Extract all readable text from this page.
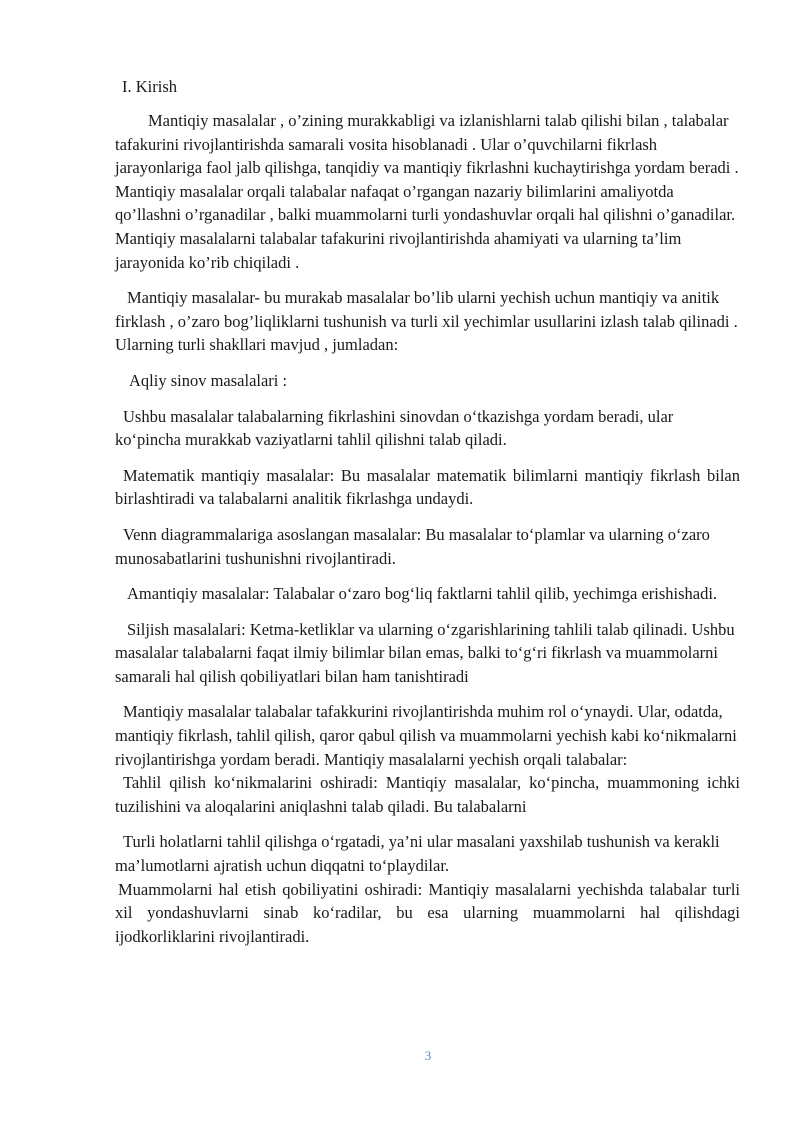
I. Kirish

Mantiqiy masalalar , o’zining murakkabligi va izlanishlarni talab qilishi bilan , talabalar tafakurini rivojlantirishda samarali vosita hisoblanadi . Ular o’quvchilarni fikrlash jarayonlariga faol jalb qilishga, tanqidiy va mantiqiy fikrlashni kuchaytirishga yordam beradi . Mantiqiy masalalar orqali talabalar nafaqat o’rgangan nazariy bilimlarini amaliyotda qo’llashni o’rganadilar , balki muammolarni turli yondashuvlar orqali hal qilishni o’ganadilar. Mantiqiy masalalarni talabalar tafakurini rivojlantirishda ahamiyati va ularning ta’lim jarayonida ko’rib chiqiladi .

Mantiqiy masalalar- bu murakab masalalar bo’lib ularni yechish uchun mantiqiy va anitik firklash , o’zaro bog’liqliklarni tushunish va turli xil yechimlar usullarini izlash talab qilinadi . Ularning turli shakllari mavjud , jumladan:

Aqliy sinov masalalari :

Ushbu masalalar talabalarning fikrlashini sinovdan o‘tkazishga yordam beradi, ular ko‘pincha murakkab vaziyatlarni tahlil qilishni talab qiladi.

Matematik mantiqiy masalalar: Bu masalalar matematik bilimlarni mantiqiy fikrlash bilan birlashtiradi va talabalarni analitik fikrlashga undaydi.

Venn diagrammalariga asoslangan masalalar: Bu masalalar to‘plamlar va ularning o‘zaro munosabatlarini tushunishni rivojlantiradi.

Amantiqiy masalalar: Talabalar o‘zaro bog‘liq faktlarni tahlil qilib, yechimga erishishadi.

Siljish masalalari: Ketma-ketliklar va ularning o‘zgarishlarining tahlili talab qilinadi. Ushbu masalalar talabalarni faqat ilmiy bilimlar bilan emas, balki to‘g‘ri fikrlash va muammolarni samarali hal qilish qobiliyatlari bilan ham tanishtiradi

Mantiqiy masalalar talabalar tafakkurini rivojlantirishda muhim rol o‘ynaydi. Ular, odatda, mantiqiy fikrlash, tahlil qilish, qaror qabul qilish va muammolarni yechish kabi ko‘nikmalarni rivojlantirishga yordam beradi. Mantiqiy masalalarni yechish orqali talabalar:

Tahlil qilish ko‘nikmalarini oshiradi: Mantiqiy masalalar, ko‘pincha, muammoning ichki tuzilishini va aloqalarini aniqlashni talab qiladi. Bu talabalarni

Turli holatlarni tahlil qilishga o‘rgatadi, ya’ni ular masalani yaxshilab tushunish va kerakli ma’lumotlarni ajratish uchun diqqatni to‘playdilar.

Muammolarni hal etish qobiliyatini oshiradi: Mantiqiy masalalarni yechishda talabalar turli xil yondashuvlarni sinab ko‘radilar, bu esa ularning muammolarni hal qilishdagi ijodkorliklarini rivojlantiradi.

3
